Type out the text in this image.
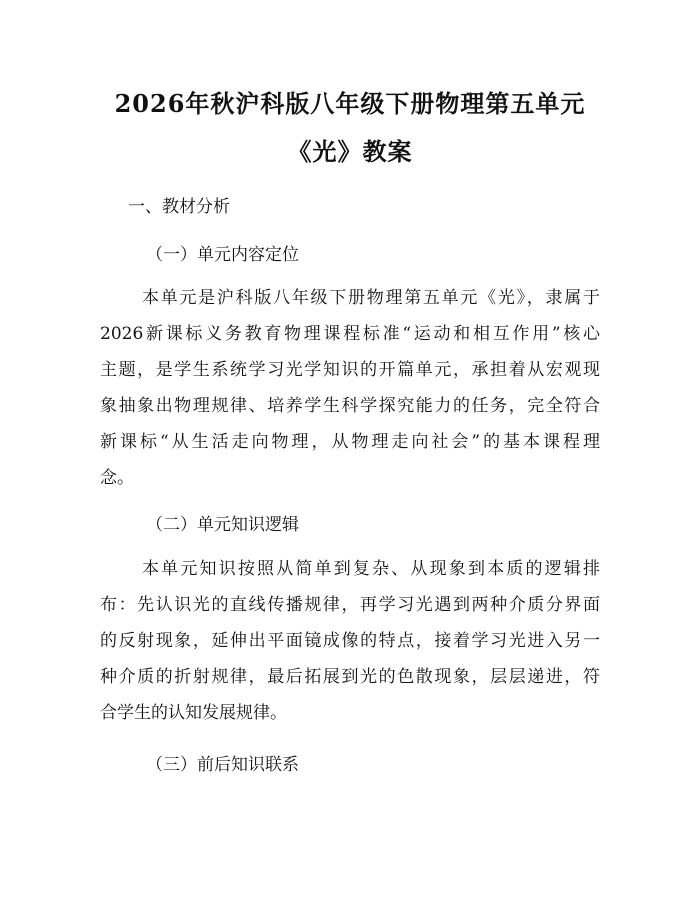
2026年秋沪科版八年级下册物理第五单元
《光》教案
一、教材分析
（一）单元内容定位
本单元是沪科版八年级下册物理第五单元《光》，隶属于
2026新课标义务教育物理课程标准“运动和相互作用”核心
主题，是学生系统学习光学知识的开篇单元，承担着从宏观现
象抽象出物理规律、培养学生科学探究能力的任务，完全符合
新课标“从生活走向物理，从物理走向社会”的基本课程理
念。
（二）单元知识逻辑
本单元知识按照从简单到复杂、从现象到本质的逻辑排
布：先认识光的直线传播规律，再学习光遇到两种介质分界面
的反射现象，延伸出平面镜成像的特点，接着学习光进入另一
种介质的折射规律，最后拓展到光的色散现象，层层递进，符
合学生的认知发展规律。
（三）前后知识联系
